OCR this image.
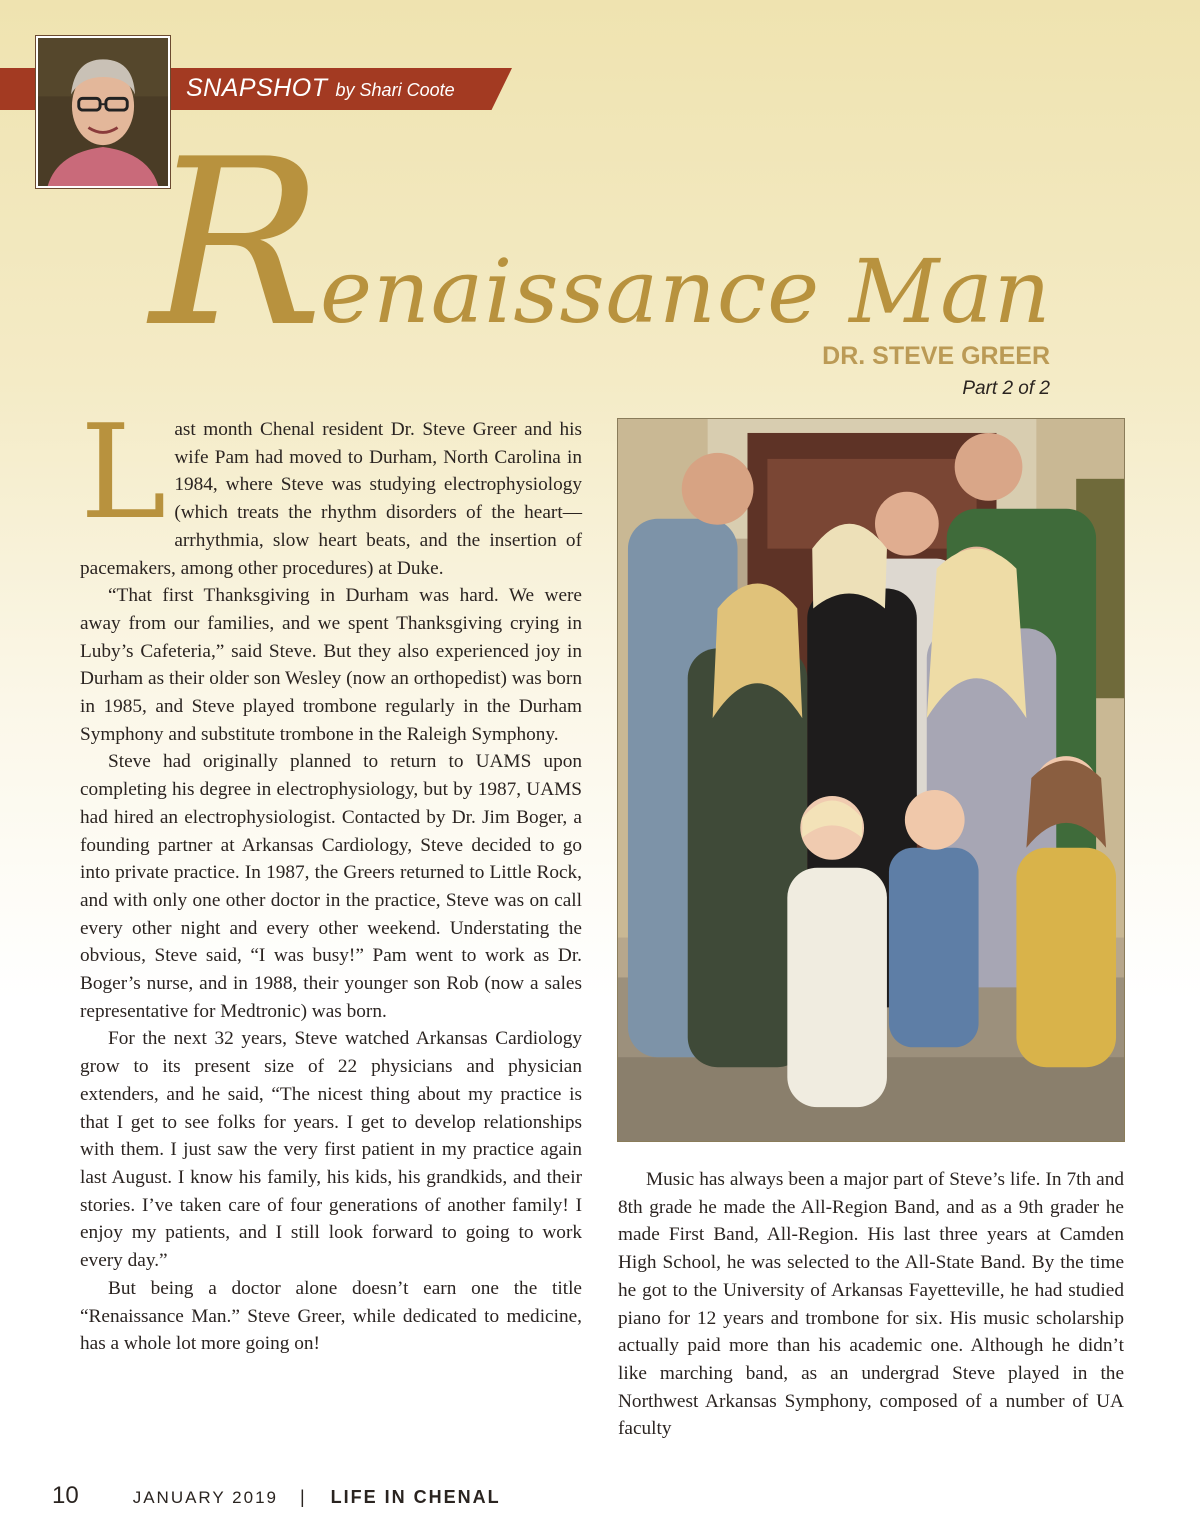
SNAPSHOT by Shari Coote
R
enaissance Man
DR. STEVE GREER
Part 2 of 2

Last month Chenal resident Dr. Steve Greer and his wife Pam had moved to Durham, North Carolina in 1984, where Steve was studying electrophysiology (which treats the rhythm disorders of the heart—arrhythmia, slow heart beats, and the insertion of pacemakers, among other procedures) at Duke.

“That first Thanksgiving in Durham was hard. We were away from our families, and we spent Thanksgiving crying in Luby’s Cafeteria,” said Steve. But they also experienced joy in Durham as their older son Wesley (now an orthopedist) was born in 1985, and Steve played trombone regularly in the Durham Symphony and substitute trombone in the Raleigh Symphony.

Steve had originally planned to return to UAMS upon completing his degree in electrophysiology, but by 1987, UAMS had hired an electrophysiologist. Contacted by Dr. Jim Boger, a founding partner at Arkansas Cardiology, Steve decided to go into private practice. In 1987, the Greers returned to Little Rock, and with only one other doctor in the practice, Steve was on call every other night and every other weekend. Understating the obvious, Steve said, “I was busy!” Pam went to work as Dr. Boger’s nurse, and in 1988, their younger son Rob (now a sales representative for Medtronic) was born.

For the next 32 years, Steve watched Arkansas Cardiology grow to its present size of 22 physicians and physician extenders, and he said, “The nicest thing about my practice is that I get to see folks for years. I get to develop relationships with them. I just saw the very first patient in my practice again last August. I know his family, his kids, his grandkids, and their stories. I’ve taken care of four generations of another family! I enjoy my patients, and I still look forward to going to work every day.”

But being a doctor alone doesn’t earn one the title “Renaissance Man.” Steve Greer, while dedicated to medicine, has a whole lot more going on!

Music has always been a major part of Steve’s life. In 7th and 8th grade he made the All-Region Band, and as a 9th grader he made First Band, All-Region. His last three years at Camden High School, he was selected to the All-State Band. By the time he got to the University of Arkansas Fayetteville, he had studied piano for 12 years and trombone for six. His music scholarship actually paid more than his academic one. Although he didn’t like marching band, as an undergrad Steve played in the Northwest Arkansas Symphony, composed of a number of UA faculty

10	JANUARY 2019 | LIFE IN CHENAL
